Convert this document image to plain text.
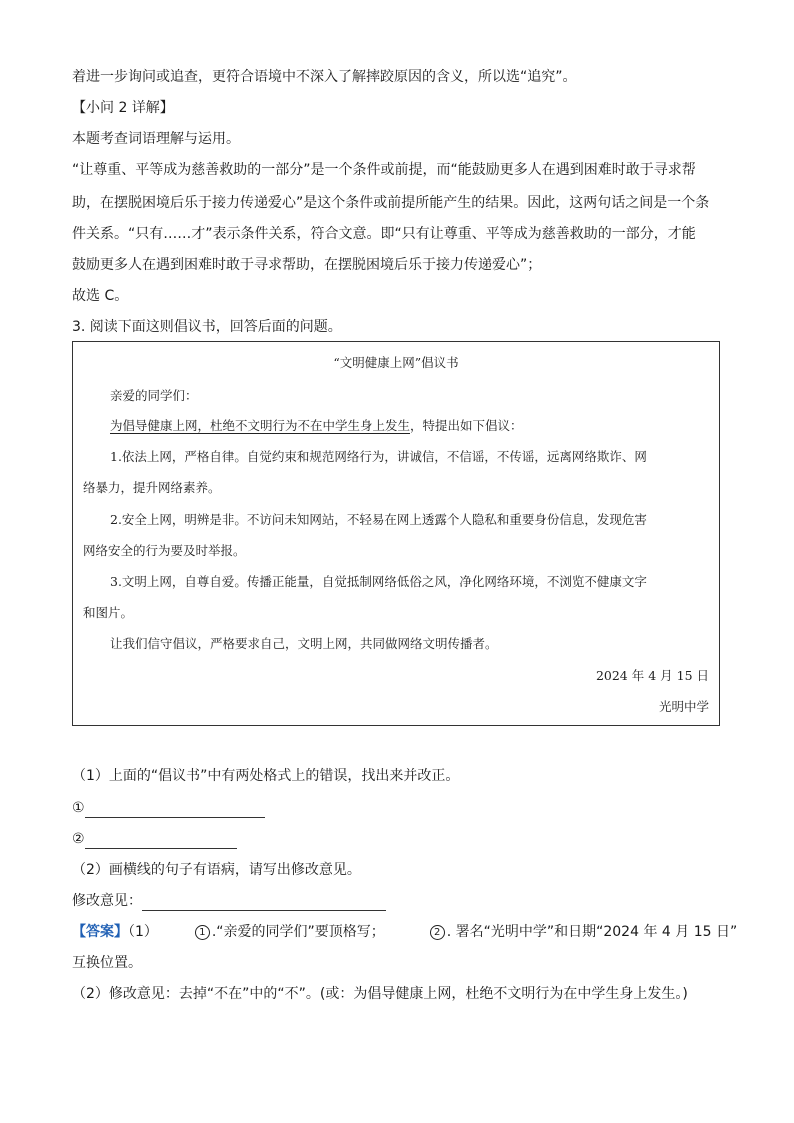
着进一步询问或追查，更符合语境中不深入了解摔跤原因的含义，所以选“追究”。
【小问 2 详解】
本题考查词语理解与运用。
“让尊重、平等成为慈善救助的一部分”是一个条件或前提，而“能鼓励更多人在遇到困难时敢于寻求帮
助，在摆脱困境后乐于接力传递爱心”是这个条件或前提所能产生的结果。因此，这两句话之间是一个条
件关系。“只有……才”表示条件关系，符合文意。即“只有让尊重、平等成为慈善救助的一部分，才能
鼓励更多人在遇到困难时敢于寻求帮助，在摆脱困境后乐于接力传递爱心”；
故选 C。
3. 阅读下面这则倡议书，回答后面的问题。
“文明健康上网”倡议书
亲爱的同学们：
为倡导健康上网，杜绝不文明行为不在中学生身上发生，特提出如下倡议：
1.依法上网，严格自律。自觉约束和规范网络行为，讲诚信，不信谣，不传谣，远离网络欺诈、网
络暴力，提升网络素养。
2.安全上网，明辨是非。不访问未知网站，不轻易在网上透露个人隐私和重要身份信息，发现危害
网络安全的行为要及时举报。
3.文明上网，自尊自爱。传播正能量，自觉抵制网络低俗之风，净化网络环境，不浏览不健康文字
和图片。
让我们信守倡议，严格要求自己，文明上网，共同做网络文明传播者。
2024 年 4 月 15 日
光明中学
（1）上面的“倡议书”中有两处格式上的错误，找出来并改正。
①
②
（2）画横线的句子有语病，请写出修改意见。
修改意见：
【答案】（1）	1 .“亲爱的同学们”要顶格写；	2 . 署名“光明中学”和日期“2024 年 4 月 15 日”
互换位置。
（2）修改意见：去掉“不在”中的“不”。(或：为倡导健康上网，杜绝不文明行为在中学生身上发生。)
